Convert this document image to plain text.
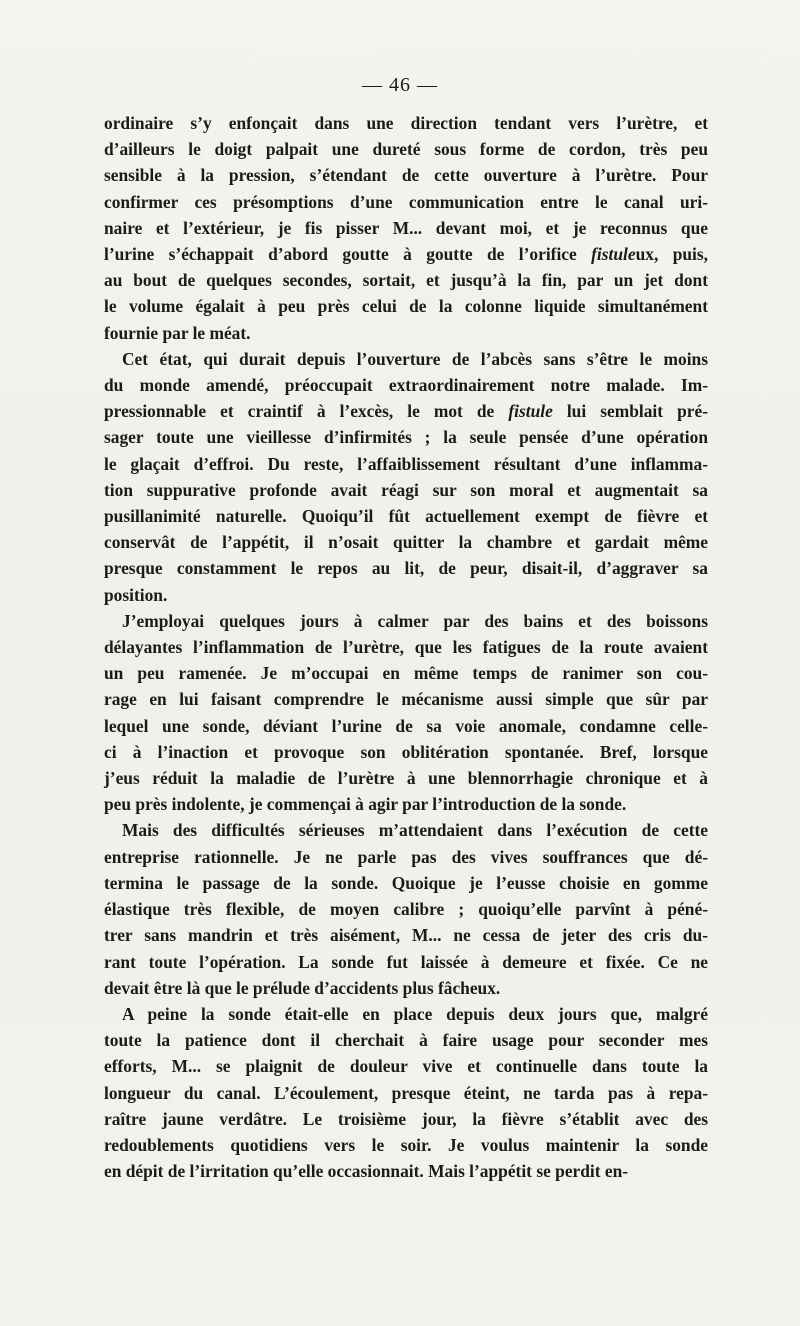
— 46 —

ordinaire s’y enfonçait dans une direction tendant vers l’urètre, et
d’ailleurs le doigt palpait une dureté sous forme de cordon, très peu
sensible à la pression, s’étendant de cette ouverture à l’urètre. Pour
confirmer ces présomptions d’une communication entre le canal uri-
naire et l’extérieur, je fis pisser M... devant moi, et je reconnus que
l’urine s’échappait d’abord goutte à goutte de l’orifice fistuleux, puis,
au bout de quelques secondes, sortait, et jusqu’à la fin, par un jet dont
le volume égalait à peu près celui de la colonne liquide simultanément
fournie par le méat.

Cet état, qui durait depuis l’ouverture de l’abcès sans s’être le moins
du monde amendé, préoccupait extraordinairement notre malade. Im-
pressionnable et craintif à l’excès, le mot de fistule lui semblait pré-
sager toute une vieillesse d’infirmités ; la seule pensée d’une opération
le glaçait d’effroi. Du reste, l’affaiblissement résultant d’une inflamma-
tion suppurative profonde avait réagi sur son moral et augmentait sa
pusillanimité naturelle. Quoiqu’il fût actuellement exempt de fièvre et
conservât de l’appétit, il n’osait quitter la chambre et gardait même
presque constamment le repos au lit, de peur, disait-il, d’aggraver sa
position.

J’employai quelques jours à calmer par des bains et des boissons
délayantes l’inflammation de l’urètre, que les fatigues de la route avaient
un peu ramenée. Je m’occupai en même temps de ranimer son cou-
rage en lui faisant comprendre le mécanisme aussi simple que sûr par
lequel une sonde, déviant l’urine de sa voie anomale, condamne celle-
ci à l’inaction et provoque son oblitération spontanée. Bref, lorsque
j’eus réduit la maladie de l’urètre à une blennorrhagie chronique et à
peu près indolente, je commençai à agir par l’introduction de la sonde.

Mais des difficultés sérieuses m’attendaient dans l’exécution de cette
entreprise rationnelle. Je ne parle pas des vives souffrances que dé-
termina le passage de la sonde. Quoique je l’eusse choisie en gomme
élastique très flexible, de moyen calibre ; quoiqu’elle parvînt à péné-
trer sans mandrin et très aisément, M... ne cessa de jeter des cris du-
rant toute l’opération. La sonde fut laissée à demeure et fixée. Ce ne
devait être là que le prélude d’accidents plus fâcheux.

A peine la sonde était-elle en place depuis deux jours que, malgré
toute la patience dont il cherchait à faire usage pour seconder mes
efforts, M... se plaignit de douleur vive et continuelle dans toute la
longueur du canal. L’écoulement, presque éteint, ne tarda pas à repa-
raître jaune verdâtre. Le troisième jour, la fièvre s’établit avec des
redoublements quotidiens vers le soir. Je voulus maintenir la sonde
en dépit de l’irritation qu’elle occasionnait. Mais l’appétit se perdit en-
